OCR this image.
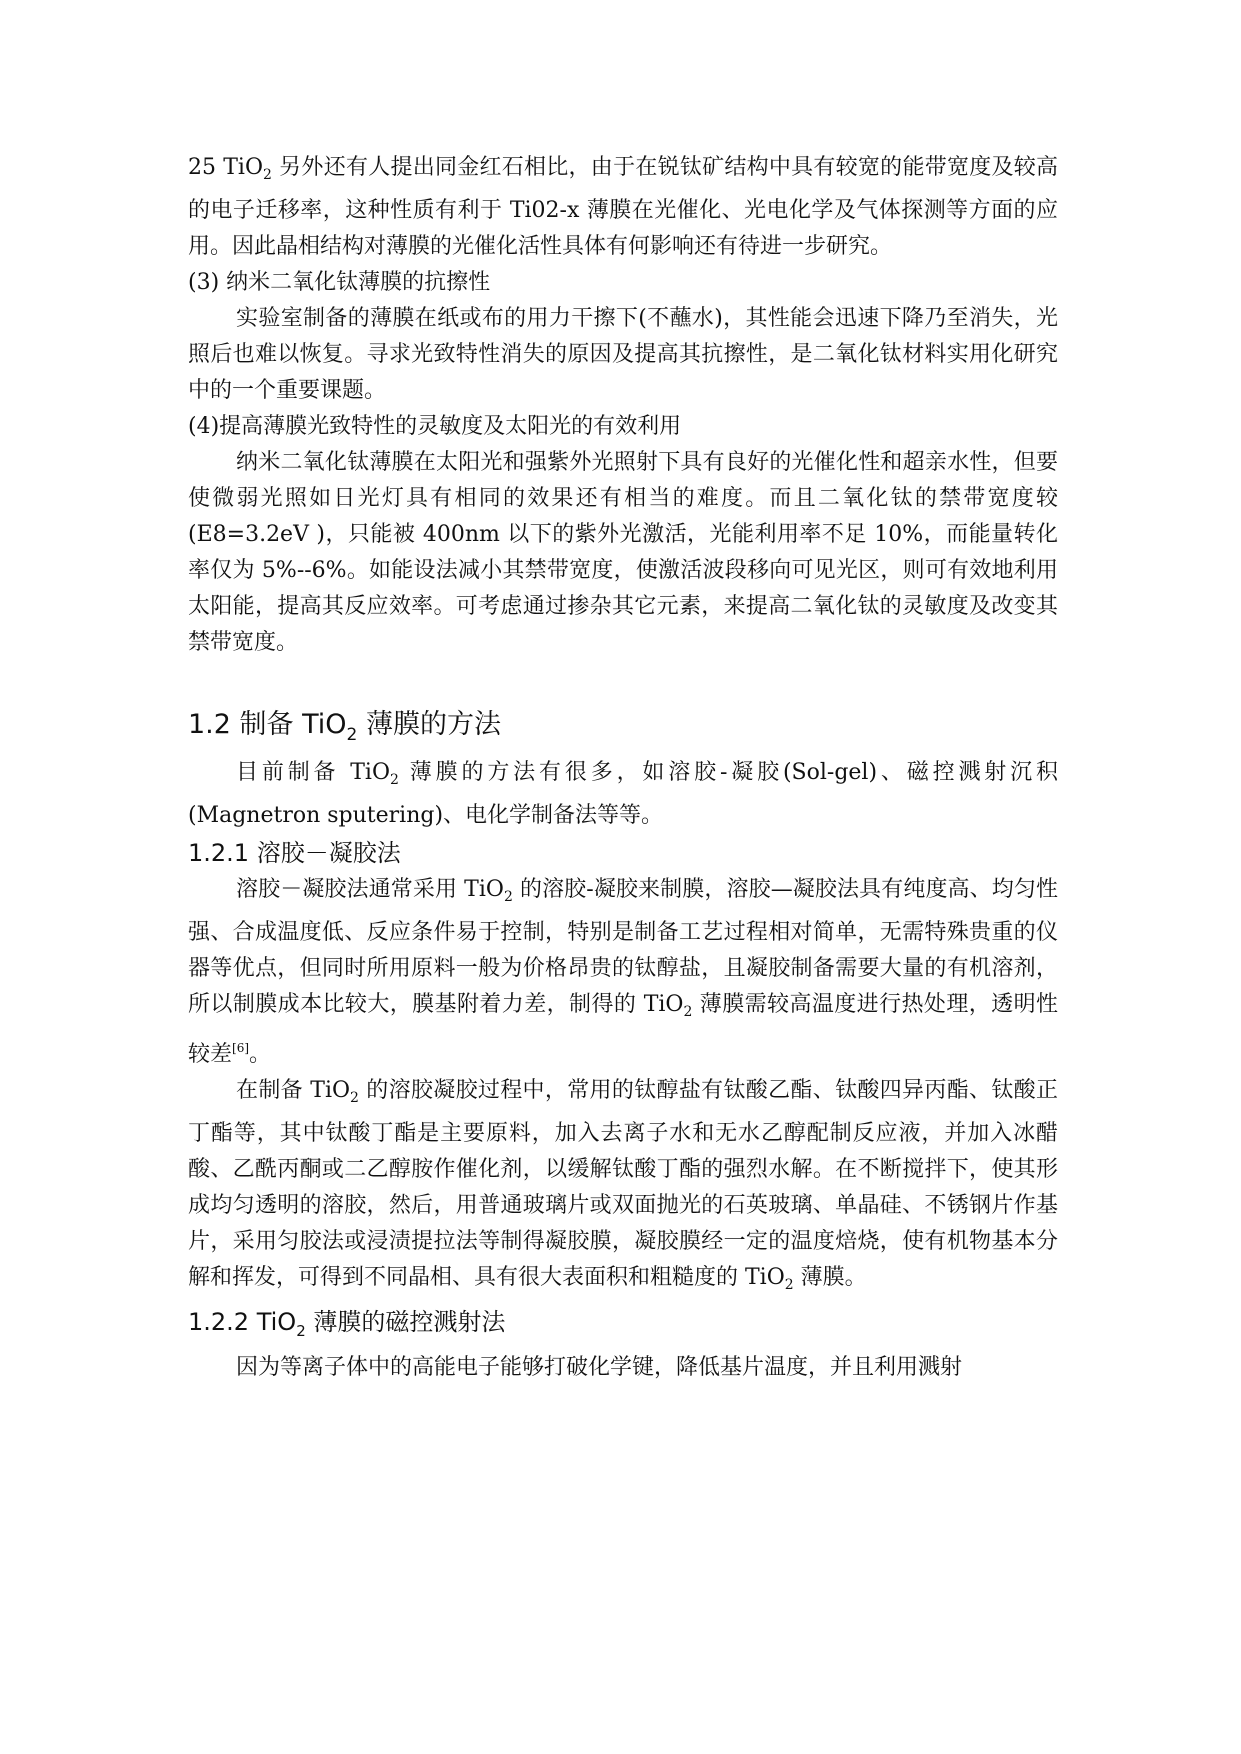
25 TiO$_2$ 另外还有人提出同金红石相比，由于在锐钛矿结构中具有较宽的能带宽度及较高的电子迁移率，这种性质有利于 Ti02-x 薄膜在光催化、光电化学及气体探测等方面的应用。因此晶相结构对薄膜的光催化活性具体有何影响还有待进一步研究。

(3) 纳米二氧化钛薄膜的抗擦性

实验室制备的薄膜在纸或布的用力干擦下(不蘸水)，其性能会迅速下降乃至消失，光照后也难以恢复。寻求光致特性消失的原因及提高其抗擦性，是二氧化钛材料实用化研究中的一个重要课题。

(4)提高薄膜光致特性的灵敏度及太阳光的有效利用

纳米二氧化钛薄膜在太阳光和强紫外光照射下具有良好的光催化性和超亲水性，但要使微弱光照如日光灯具有相同的效果还有相当的难度。而且二氧化钛的禁带宽度较(E8=3.2eV )，只能被 400nm 以下的紫外光激活，光能利用率不足 10%，而能量转化率仅为 5%--6%。如能设法减小其禁带宽度，使激活波段移向可见光区，则可有效地利用太阳能，提高其反应效率。可考虑通过掺杂其它元素，来提高二氧化钛的灵敏度及改变其禁带宽度。

1.2 制备 TiO$_2$ 薄膜的方法

目前制备 TiO$_2$ 薄膜的方法有很多，如溶胶-凝胶(Sol-gel)、磁控溅射沉积(Magnetron sputering)、电化学制备法等等。

1.2.1 溶胶－凝胶法

溶胶－凝胶法通常采用 TiO$_2$ 的溶胶-凝胶来制膜，溶胶—凝胶法具有纯度高、均匀性强、合成温度低、反应条件易于控制，特别是制备工艺过程相对简单，无需特殊贵重的仪器等优点，但同时所用原料一般为价格昂贵的钛醇盐，且凝胶制备需要大量的有机溶剂，所以制膜成本比较大，膜基附着力差，制得的 TiO$_2$ 薄膜需较高温度进行热处理，透明性较差[6]。

在制备 TiO$_2$ 的溶胶凝胶过程中，常用的钛醇盐有钛酸乙酯、钛酸四异丙酯、钛酸正丁酯等，其中钛酸丁酯是主要原料，加入去离子水和无水乙醇配制反应液，并加入冰醋酸、乙酰丙酮或二乙醇胺作催化剂，以缓解钛酸丁酯的强烈水解。在不断搅拌下，使其形成均匀透明的溶胶，然后，用普通玻璃片或双面抛光的石英玻璃、单晶硅、不锈钢片作基片，采用匀胶法或浸渍提拉法等制得凝胶膜，凝胶膜经一定的温度焙烧，使有机物基本分解和挥发，可得到不同晶相、具有很大表面积和粗糙度的 TiO$_2$ 薄膜。

1.2.2 TiO$_2$ 薄膜的磁控溅射法

因为等离子体中的高能电子能够打破化学键，降低基片温度，并且利用溅射
